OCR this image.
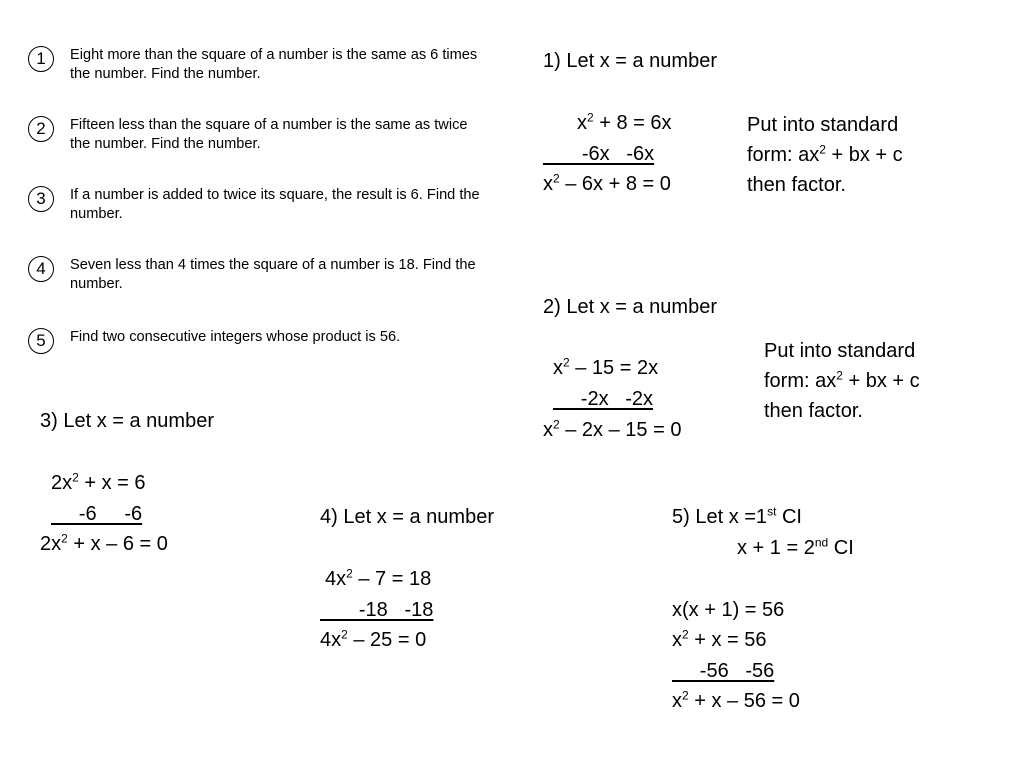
1	Eight more than the square of a number is the same as 6 times the number. Find the number.
2	Fifteen less than the square of a number is the same as twice the number. Find the number.
3	If a number is added to twice its square, the result is 6. Find the number.
4	Seven less than 4 times the square of a number is 18. Find the number.
5	Find two consecutive integers whose product is 56.
1) Let x = a number
$x^2 + 8 = 6x$
-6x   -6x
$x^2 - 6x + 8 = 0$
Put into standard
form: $ax^2$ + bx + c
then factor.
2) Let x = a number
$x^2 - 15 = 2x$
-2x   -2x
$x^2 - 2x - 15 = 0$
Put into standard
form: $ax^2$ + bx + c
then factor.
3) Let x = a number
$2x^2 + x = 6$
-6     -6
$2x^2 + x - 6 = 0$
4) Let x = a number
$4x^2 - 7 = 18$
-18   -18
$4x^2 - 25 = 0$
5) Let x =1st CI
x + 1 = 2nd CI
x(x + 1) = 56
$x^2 + x = 56$
-56   -56
$x^2 + x - 56 = 0$
